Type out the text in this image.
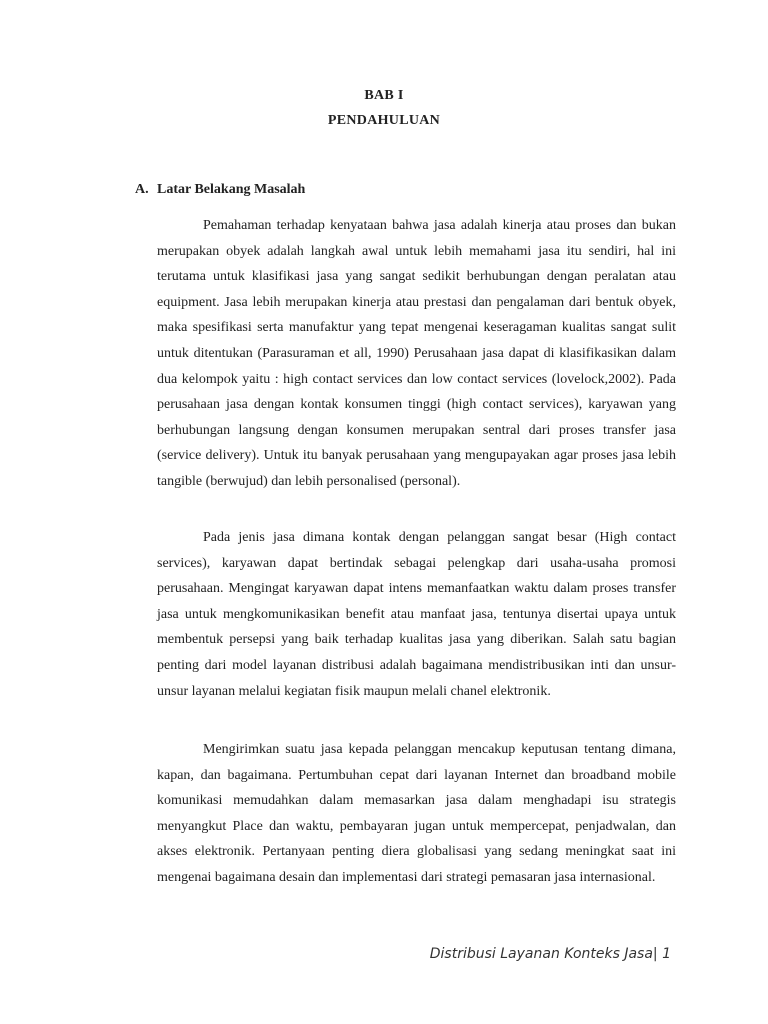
BAB I
PENDAHULUAN
A. Latar Belakang Masalah

Pemahaman terhadap kenyataan bahwa jasa adalah kinerja atau proses dan bukan merupakan obyek adalah langkah awal untuk lebih memahami jasa itu sendiri, hal ini terutama untuk klasifikasi jasa yang sangat sedikit berhubungan dengan peralatan atau equipment. Jasa lebih merupakan kinerja atau prestasi dan pengalaman dari bentuk obyek, maka spesifikasi serta manufaktur yang tepat mengenai keseragaman kualitas sangat sulit untuk ditentukan (Parasuraman et all, 1990) Perusahaan jasa dapat di klasifikasikan dalam dua kelompok yaitu : high contact services dan low contact services (lovelock,2002). Pada perusahaan jasa dengan kontak konsumen tinggi (high contact services), karyawan yang berhubungan langsung dengan konsumen merupakan sentral dari proses transfer jasa (service delivery). Untuk itu banyak perusahaan yang mengupayakan agar proses jasa lebih tangible (berwujud) dan lebih personalised (personal).

Pada jenis jasa dimana kontak dengan pelanggan sangat besar (High contact services), karyawan dapat bertindak sebagai pelengkap dari usaha-usaha promosi perusahaan. Mengingat karyawan dapat intens memanfaatkan waktu dalam proses transfer jasa untuk mengkomunikasikan benefit atau manfaat jasa, tentunya disertai upaya untuk membentuk persepsi yang baik terhadap kualitas jasa yang diberikan. Salah satu bagian penting dari model layanan distribusi adalah bagaimana mendistribusikan inti dan unsur-unsur layanan melalui kegiatan fisik maupun melali chanel elektronik.

Mengirimkan suatu jasa kepada pelanggan mencakup keputusan tentang dimana, kapan, dan bagaimana. Pertumbuhan cepat dari layanan Internet dan broadband mobile komunikasi memudahkan dalam memasarkan jasa dalam menghadapi isu strategis menyangkut Place dan waktu, pembayaran jugan untuk mempercepat, penjadwalan, dan akses elektronik. Pertanyaan penting diera globalisasi yang sedang meningkat saat ini mengenai bagaimana desain dan implementasi dari strategi pemasaran jasa internasional.

Distribusi Layanan Konteks Jasa| 1
